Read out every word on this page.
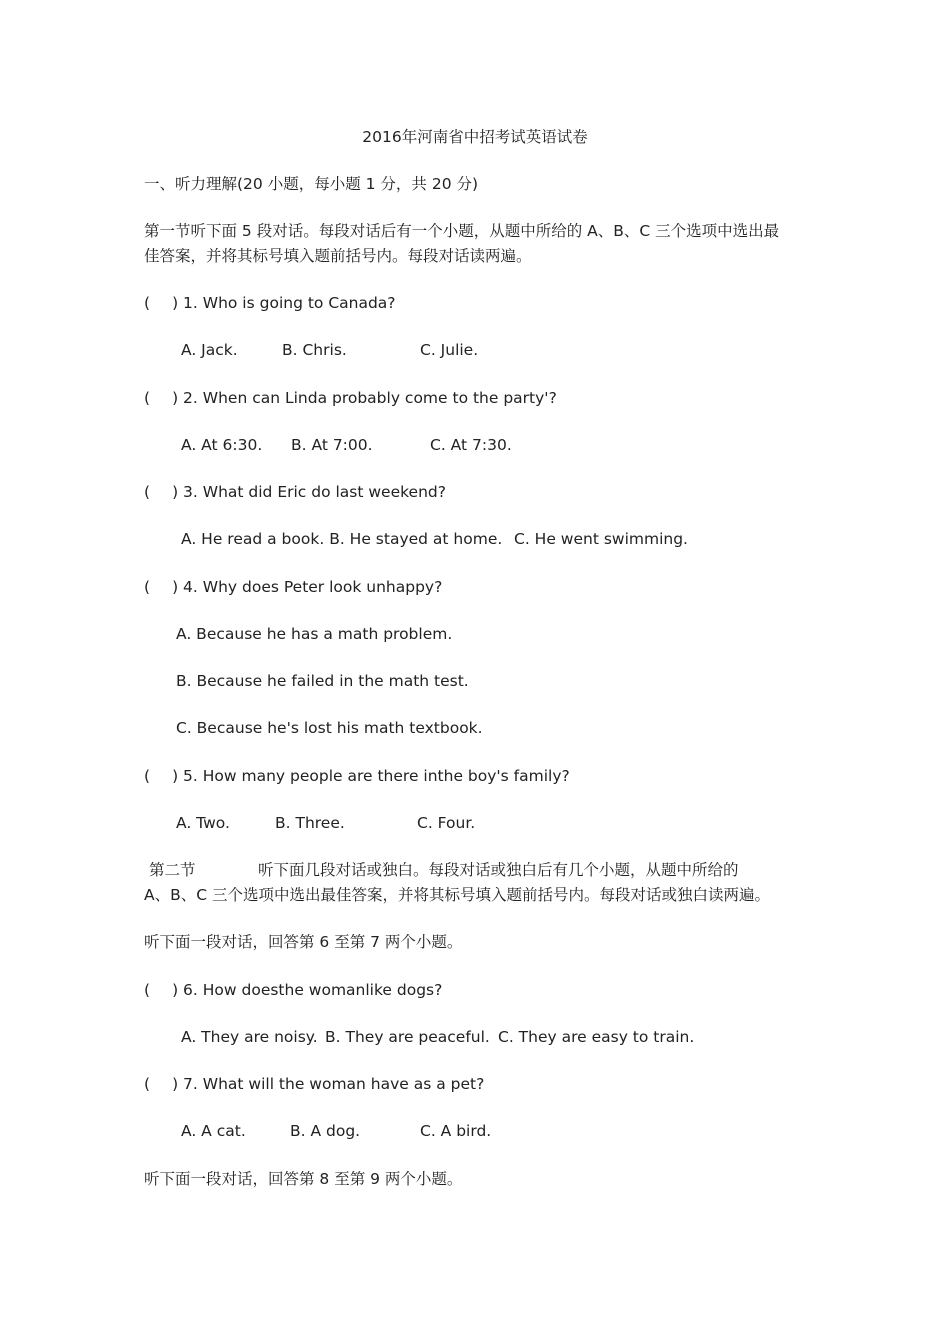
2016年河南省中招考试英语试卷
一、听力理解(20 小题，每小题 1 分，共 20 分)
第一节听下面 5 段对话。每段对话后有一个小题，从题中所给的 A、B、C 三个选项中选出最
佳答案，并将其标号填入题前括号内。每段对话读两遍。
( ) 1. Who is going to Canada?
A. Jack.	B. Chris.	C. Julie.
( ) 2. When can Linda probably come to the party'?
A. At 6:30. B. At 7:00.	C. At 7:30.
( ) 3. What did Eric do last weekend?
A. He read a book. B. He stayed at home. C. He went swimming.
( ) 4. Why does Peter look unhappy?
A. Because he has a math problem.
B. Because he failed in the math test.
C. Because he's lost his math textbook.
( ) 5. How many people are there inthe boy's family?
A. Two.	B. Three.	C. Four.
第二节	听下面几段对话或独白。每段对话或独白后有几个小题，从题中所给的
A、B、C 三个选项中选出最佳答案，并将其标号填入题前括号内。每段对话或独白读两遍。
听下面一段对话，回答第 6 至第 7 两个小题。
( ) 6. How doesthe womanlike dogs?
A. They are noisy. B. They are peaceful. C. They are easy to train.
( ) 7. What will the woman have as a pet?
A. A cat.	B. A dog.	C. A bird.
听下面一段对话，回答第 8 至第 9 两个小题。
